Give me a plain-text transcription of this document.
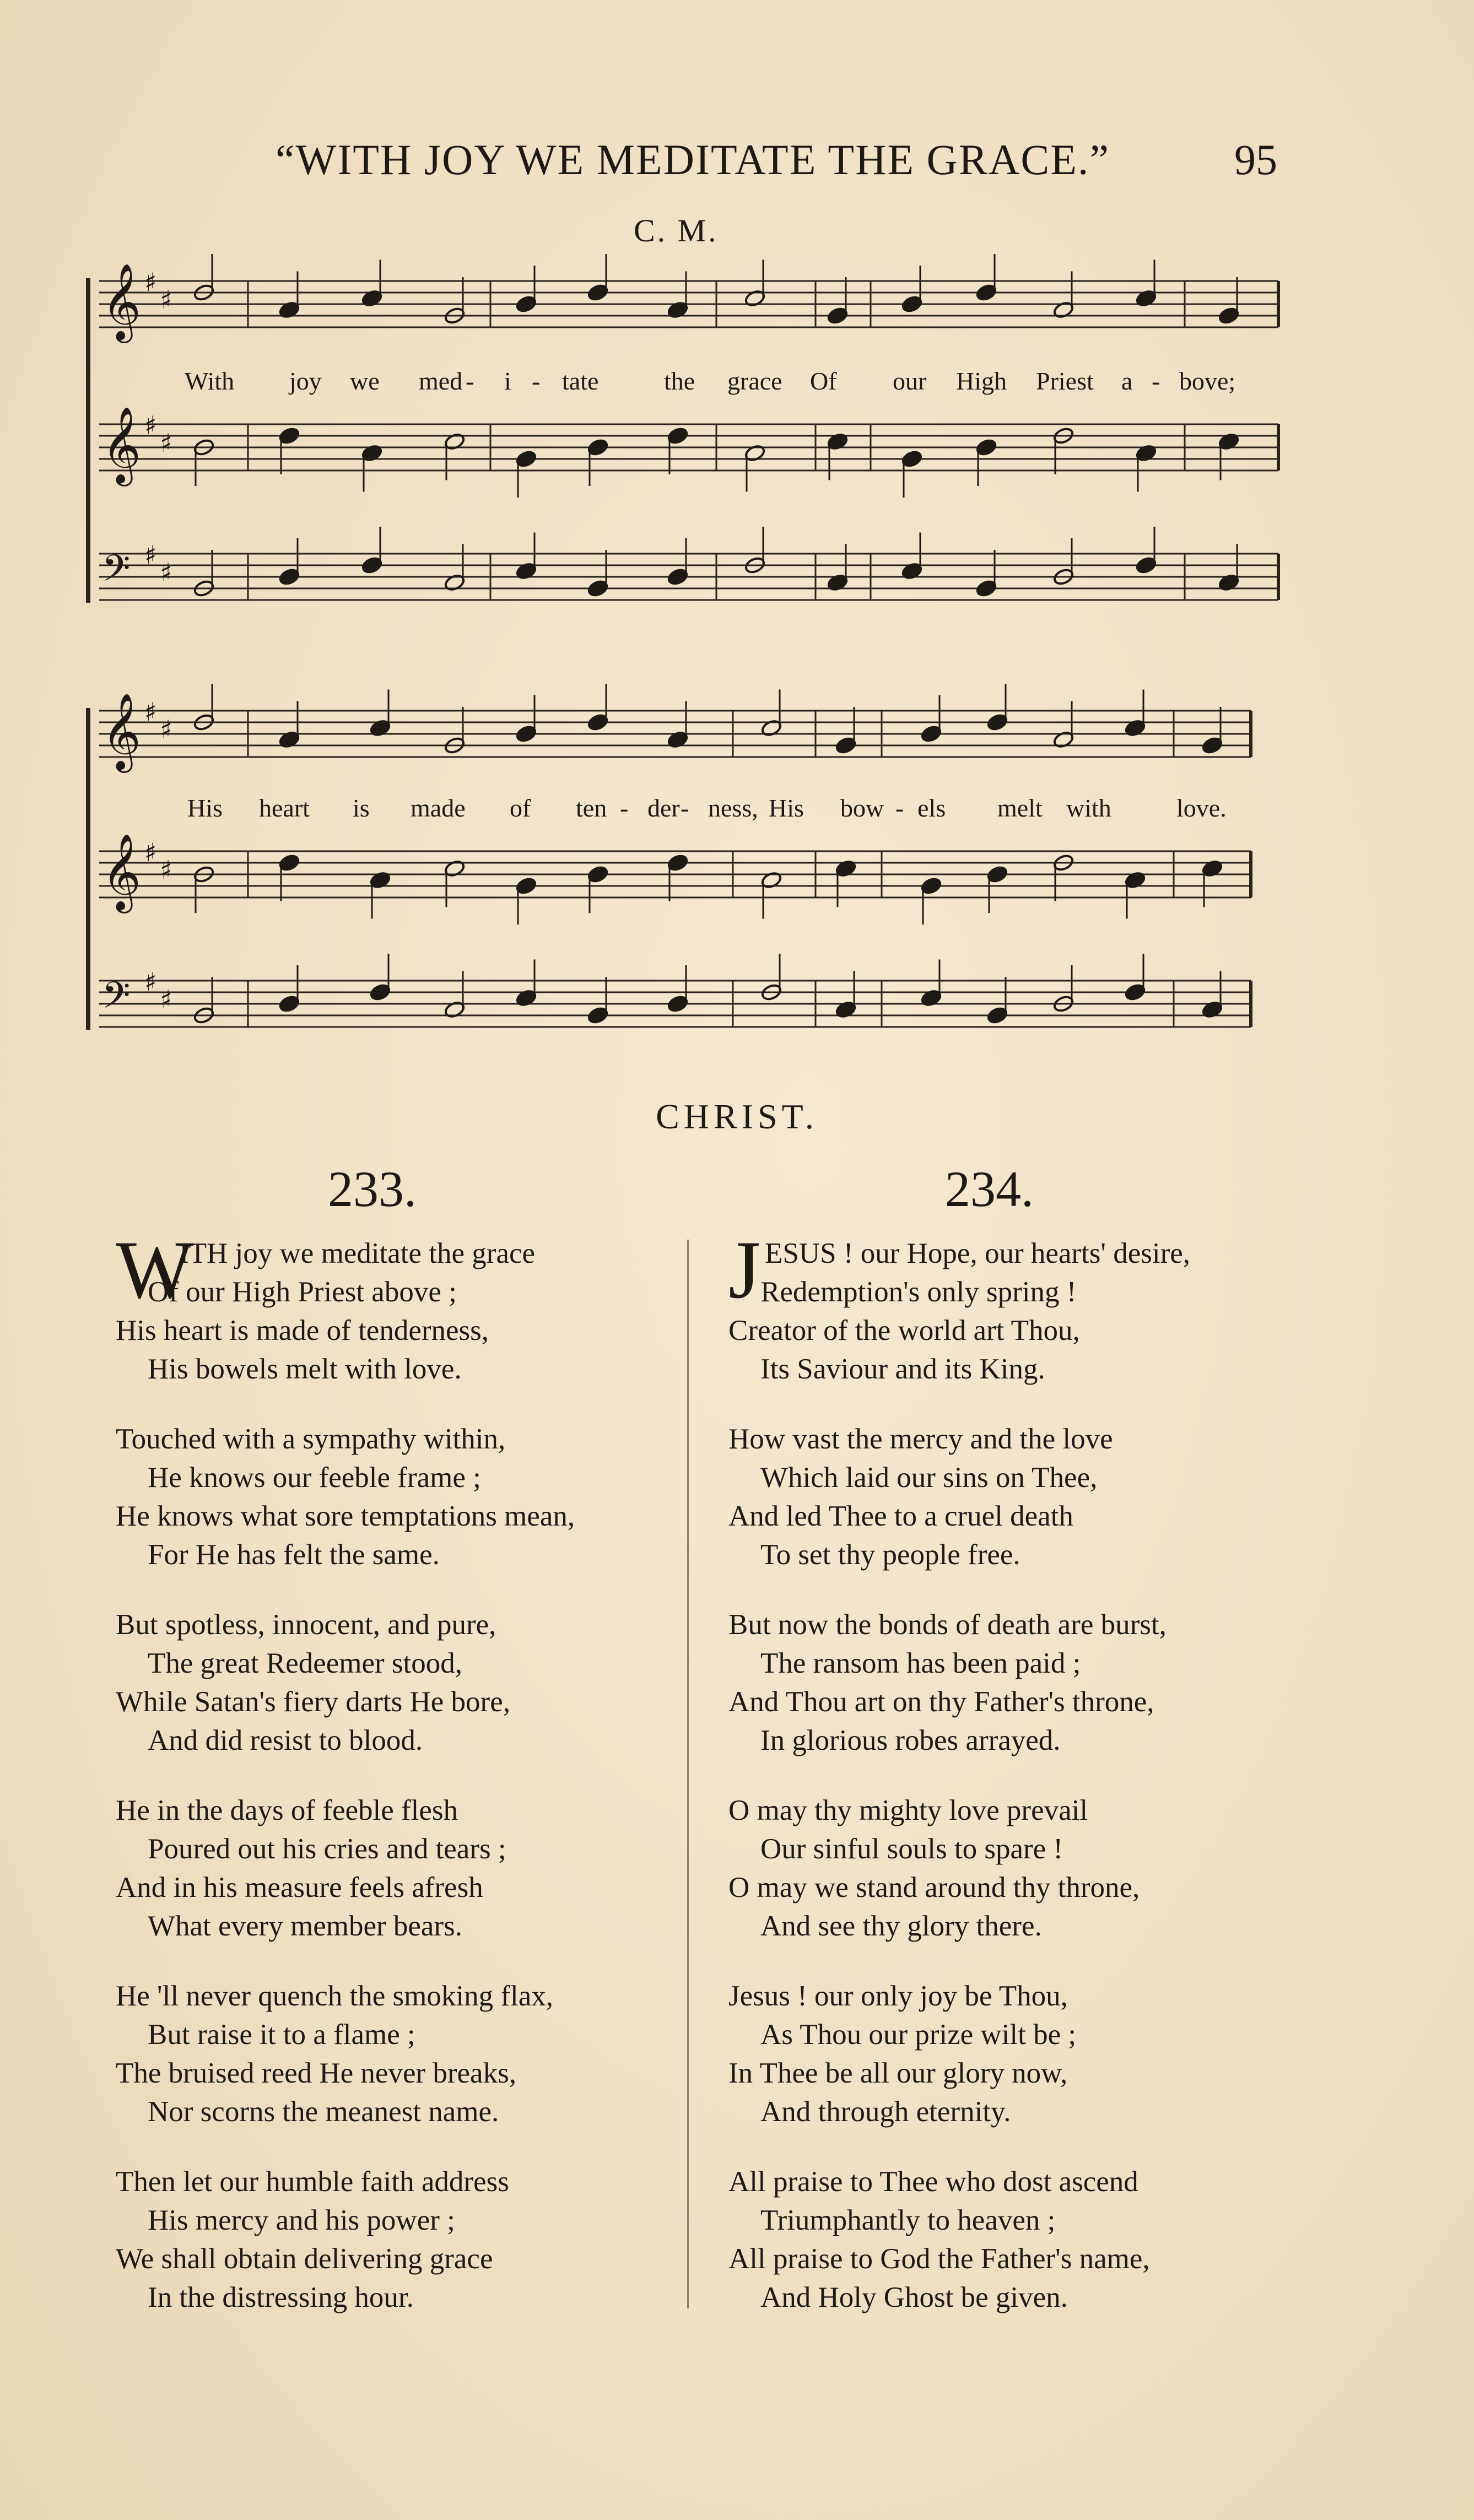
“WITH JOY WE MEDITATE THE GRACE.”	95
C. M.
𝄞 ♯
♯
𝄞 ♯
♯
𝄢 ♯
♯
𝄞 ♯
♯
𝄞 ♯
♯
𝄢 ♯
♯
With joy we med - i - tate	the grace Of our High Priest a - bove;
His heart is made of ten - der - ness, His bow - els melt with	love.
CHRIST.
233.	234.
W
ITH joy we meditate the grace
Of our High Priest above ;
His heart is made of tenderness,
His bowels melt with love.
Touched with a sympathy within,
He knows our feeble frame ;
He knows what sore temptations mean,
For He has felt the same.
But spotless, innocent, and pure,
The great Redeemer stood,
While Satan's fiery darts He bore,
And did resist to blood.
He in the days of feeble flesh
Poured out his cries and tears ;
And in his measure feels afresh
What every member bears.
He 'll never quench the smoking flax,
But raise it to a flame ;
The bruised reed He never breaks,
Nor scorns the meanest name.
Then let our humble faith address
His mercy and his power ;
We shall obtain delivering grace
In the distressing hour.
J ESUS ! our Hope, our hearts' desire,
Redemption's only spring !
Creator of the world art Thou,
Its Saviour and its King.
How vast the mercy and the love
Which laid our sins on Thee,
And led Thee to a cruel death
To set thy people free.
But now the bonds of death are burst,
The ransom has been paid ;
And Thou art on thy Father's throne,
In glorious robes arrayed.
O may thy mighty love prevail
Our sinful souls to spare !
O may we stand around thy throne,
And see thy glory there.
Jesus ! our only joy be Thou,
As Thou our prize wilt be ;
In Thee be all our glory now,
And through eternity.
All praise to Thee who dost ascend
Triumphantly to heaven ;
All praise to God the Father's name,
And Holy Ghost be given.
